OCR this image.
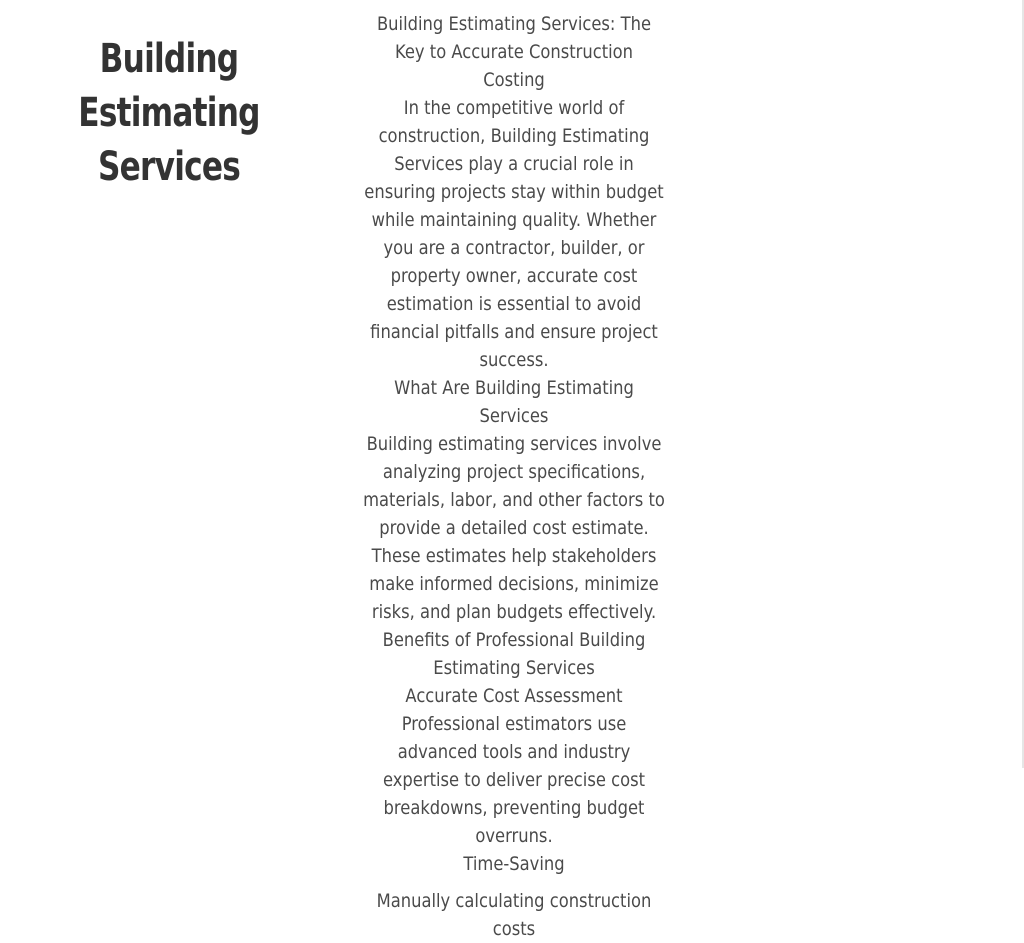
Building Estimating Services

Building Estimating Services: The Key to Accurate Construction Costing

In the competitive world of construction, Building Estimating Services play a crucial role in ensuring projects stay within budget while maintaining quality. Whether you are a contractor, builder, or property owner, accurate cost estimation is essential to avoid financial pitfalls and ensure project success.

What Are Building Estimating Services

Building estimating services involve analyzing project specifications, materials, labor, and other factors to provide a detailed cost estimate. These estimates help stakeholders make informed decisions, minimize risks, and plan budgets effectively.

Benefits of Professional Building Estimating Services

Accurate Cost Assessment

Professional estimators use advanced tools and industry expertise to deliver precise cost breakdowns, preventing budget overruns.

Time-Saving

Manually calculating construction costs
